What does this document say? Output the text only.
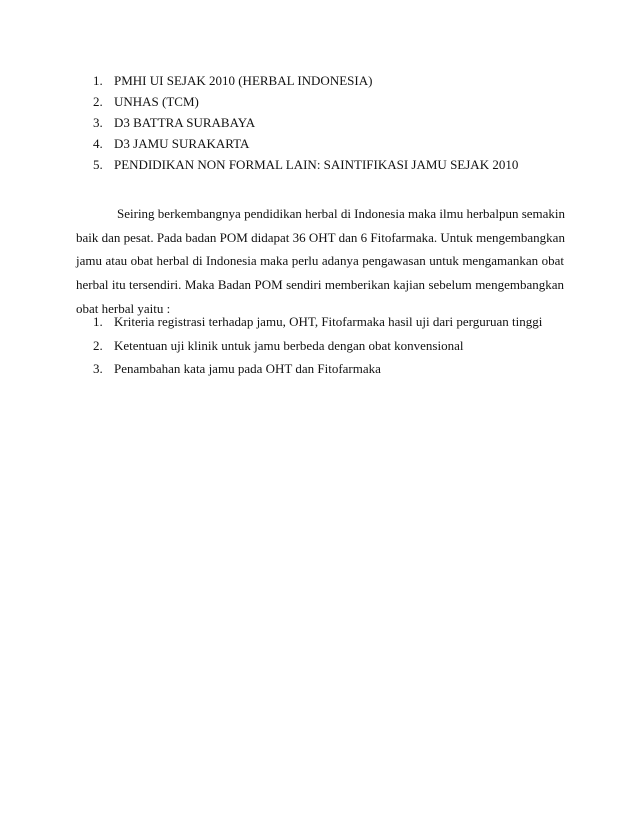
1. PMHI UI SEJAK 2010 (HERBAL INDONESIA)
2. UNHAS (TCM)
3. D3 BATTRA SURABAYA
4. D3 JAMU SURAKARTA
5. PENDIDIKAN NON FORMAL LAIN: SAINTIFIKASI JAMU SEJAK 2010

Seiring berkembangnya pendidikan herbal di Indonesia maka ilmu herbalpun semakin
baik dan pesat. Pada badan POM didapat 36 OHT dan 6 Fitofarmaka. Untuk mengembangkan
jamu atau obat herbal di Indonesia maka perlu adanya pengawasan untuk mengamankan obat
herbal itu tersendiri. Maka Badan POM sendiri memberikan kajian sebelum mengembangkan
obat herbal yaitu :

1. Kriteria registrasi terhadap jamu, OHT, Fitofarmaka hasil uji dari perguruan tinggi
2. Ketentuan uji klinik untuk jamu berbeda dengan obat konvensional
3. Penambahan kata jamu pada OHT dan Fitofarmaka
